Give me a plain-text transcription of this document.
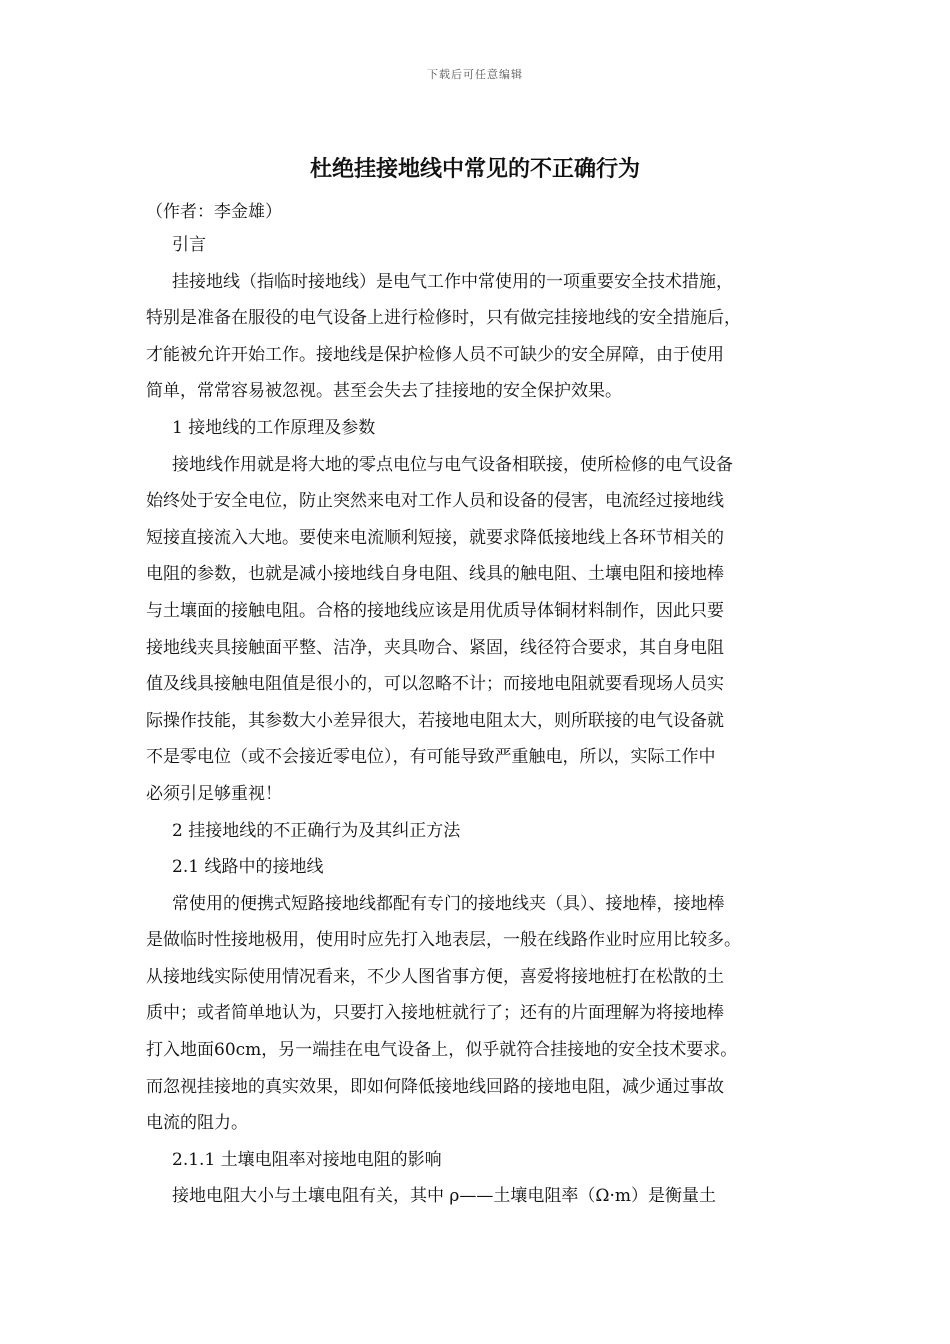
下载后可任意编辑
杜绝挂接地线中常见的不正确行为
（作者：李金雄）
引言
挂接地线（指临时接地线）是电气工作中常使用的一项重要安全技术措施，
特别是准备在服役的电气设备上进行检修时，只有做完挂接地线的安全措施后，
才能被允许开始工作。接地线是保护检修人员不可缺少的安全屏障，由于使用
简单，常常容易被忽视。甚至会失去了挂接地的安全保护效果。
1 接地线的工作原理及参数
接地线作用就是将大地的零点电位与电气设备相联接，使所检修的电气设备
始终处于安全电位，防止突然来电对工作人员和设备的侵害，电流经过接地线
短接直接流入大地。要使来电流顺利短接，就要求降低接地线上各环节相关的
电阻的参数，也就是减小接地线自身电阻、线具的触电阻、土壤电阻和接地棒
与土壤面的接触电阻。合格的接地线应该是用优质导体铜材料制作，因此只要
接地线夹具接触面平整、洁净，夹具吻合、紧固，线径符合要求，其自身电阻
值及线具接触电阻值是很小的，可以忽略不计；而接地电阻就要看现场人员实
际操作技能，其参数大小差异很大，若接地电阻太大，则所联接的电气设备就
不是零电位（或不会接近零电位），有可能导致严重触电，所以，实际工作中
必须引足够重视！
2 挂接地线的不正确行为及其纠正方法
2.1 线路中的接地线
常使用的便携式短路接地线都配有专门的接地线夹（具）、接地棒，接地棒
是做临时性接地极用，使用时应先打入地表层，一般在线路作业时应用比较多。
从接地线实际使用情况看来，不少人图省事方便，喜爱将接地桩打在松散的土
质中；或者简单地认为，只要打入接地桩就行了；还有的片面理解为将接地棒
打入地面60cm，另一端挂在电气设备上，似乎就符合挂接地的安全技术要求。
而忽视挂接地的真实效果，即如何降低接地线回路的接地电阻，减少通过事故
电流的阻力。
2.1.1 土壤电阻率对接地电阻的影响
接地电阻大小与土壤电阻有关，其中 ρ——土壤电阻率（Ω·m）是衡量土
